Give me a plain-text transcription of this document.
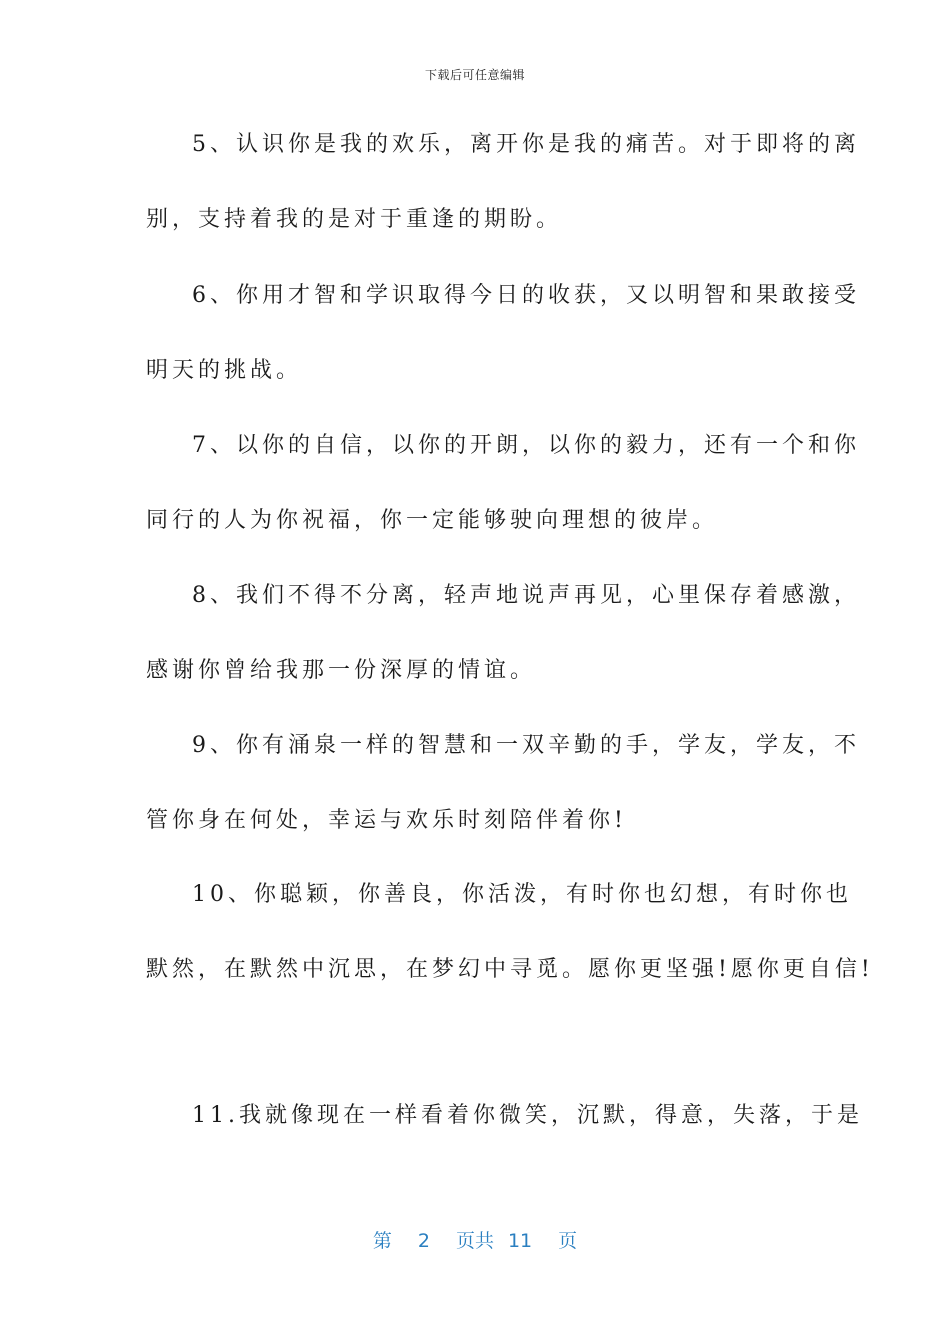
下载后可任意编辑
5、认识你是我的欢乐，离开你是我的痛苦。对于即将的离
别，支持着我的是对于重逢的期盼。
6、你用才智和学识取得今日的收获，又以明智和果敢接受
明天的挑战。
7、以你的自信，以你的开朗，以你的毅力，还有一个和你
同行的人为你祝福，你一定能够驶向理想的彼岸。
8、我们不得不分离，轻声地说声再见，心里保存着感激，
感谢你曾给我那一份深厚的情谊。
9、你有涌泉一样的智慧和一双辛勤的手，学友，学友，不
管你身在何处，幸运与欢乐时刻陪伴着你!
10、你聪颖，你善良，你活泼，有时你也幻想，有时你也
默然，在默然中沉思，在梦幻中寻觅。愿你更坚强!愿你更自信!
11.我就像现在一样看着你微笑，沉默，得意，失落，于是
第 2 页共 11 页
